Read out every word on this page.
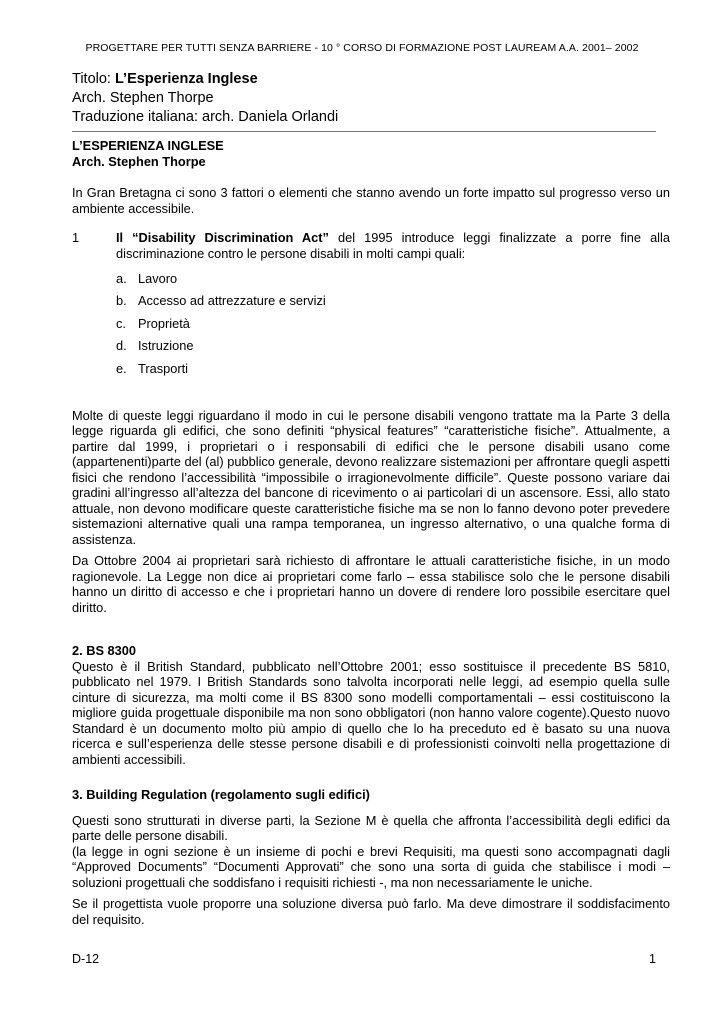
PROGETTARE PER TUTTI SENZA BARRIERE - 10 ° CORSO DI FORMAZIONE POST LAUREAM A.A. 2001– 2002
Titolo: L’Esperienza Inglese
Arch. Stephen Thorpe
Traduzione italiana: arch. Daniela Orlandi

L’ESPERIENZA INGLESE

Arch. Stephen Thorpe

In Gran Bretagna ci sono 3 fattori o elementi che stanno avendo un forte impatto sul progresso verso un ambiente accessibile.

1	Il “Disability Discrimination Act” del 1995 introduce leggi finalizzate a porre fine alla discriminazione contro le persone disabili in molti campi quali:
a. Lavoro
b. Accesso ad attrezzature e servizi
c. Proprietà
d. Istruzione
e. Trasporti

Molte di queste leggi riguardano il modo in cui le persone disabili vengono trattate ma la Parte 3 della legge riguarda gli edifici, che sono definiti “physical features” “caratteristiche fisiche”. Attualmente, a partire dal 1999, i proprietari o i responsabili di edifici che le persone disabili usano come (appartenenti)parte del (al) pubblico generale, devono realizzare sistemazioni per affrontare quegli aspetti fisici che rendono l’accessibilità “impossibile o irragionevolmente difficile”. Queste possono variare dai gradini all’ingresso all’altezza del bancone di ricevimento o ai particolari di un ascensore. Essi, allo stato attuale, non devono modificare queste caratteristiche fisiche ma se non lo fanno devono poter prevedere sistemazioni alternative quali una rampa temporanea, un ingresso alternativo, o una qualche forma di assistenza.

Da Ottobre 2004 ai proprietari sarà richiesto di affrontare le attuali caratteristiche fisiche, in un modo ragionevole. La Legge non dice ai proprietari come farlo – essa stabilisce solo che le persone disabili hanno un diritto di accesso e che i proprietari hanno un dovere di rendere loro possibile esercitare quel diritto.

2. BS 8300

Questo è il British Standard, pubblicato nell’Ottobre 2001; esso sostituisce il precedente BS 5810, pubblicato nel 1979. I British Standards sono talvolta incorporati nelle leggi, ad esempio quella sulle cinture di sicurezza, ma molti come il BS 8300 sono modelli comportamentali – essi costituiscono la migliore guida progettuale disponibile ma non sono obbligatori (non hanno valore cogente).Questo nuovo Standard è un documento molto più ampio di quello che lo ha preceduto ed è basato su una nuova ricerca e sull’esperienza delle stesse persone disabili e di professionisti coinvolti nella progettazione di ambienti accessibili.

3. Building Regulation (regolamento sugli edifici)

Questi sono strutturati in diverse parti, la Sezione M è quella che affronta l’accessibilità degli edifici da parte delle persone disabili.

(la legge in ogni sezione è un insieme di pochi e brevi Requisiti, ma questi sono accompagnati dagli “Approved Documents” “Documenti Approvati” che sono una sorta di guida che stabilisce i modi – soluzioni progettuali che soddisfano i requisiti richiesti -, ma non necessariamente le uniche.

Se il progettista vuole proporre una soluzione diversa può farlo. Ma deve dimostrare il soddisfacimento del requisito.

D-12	1
